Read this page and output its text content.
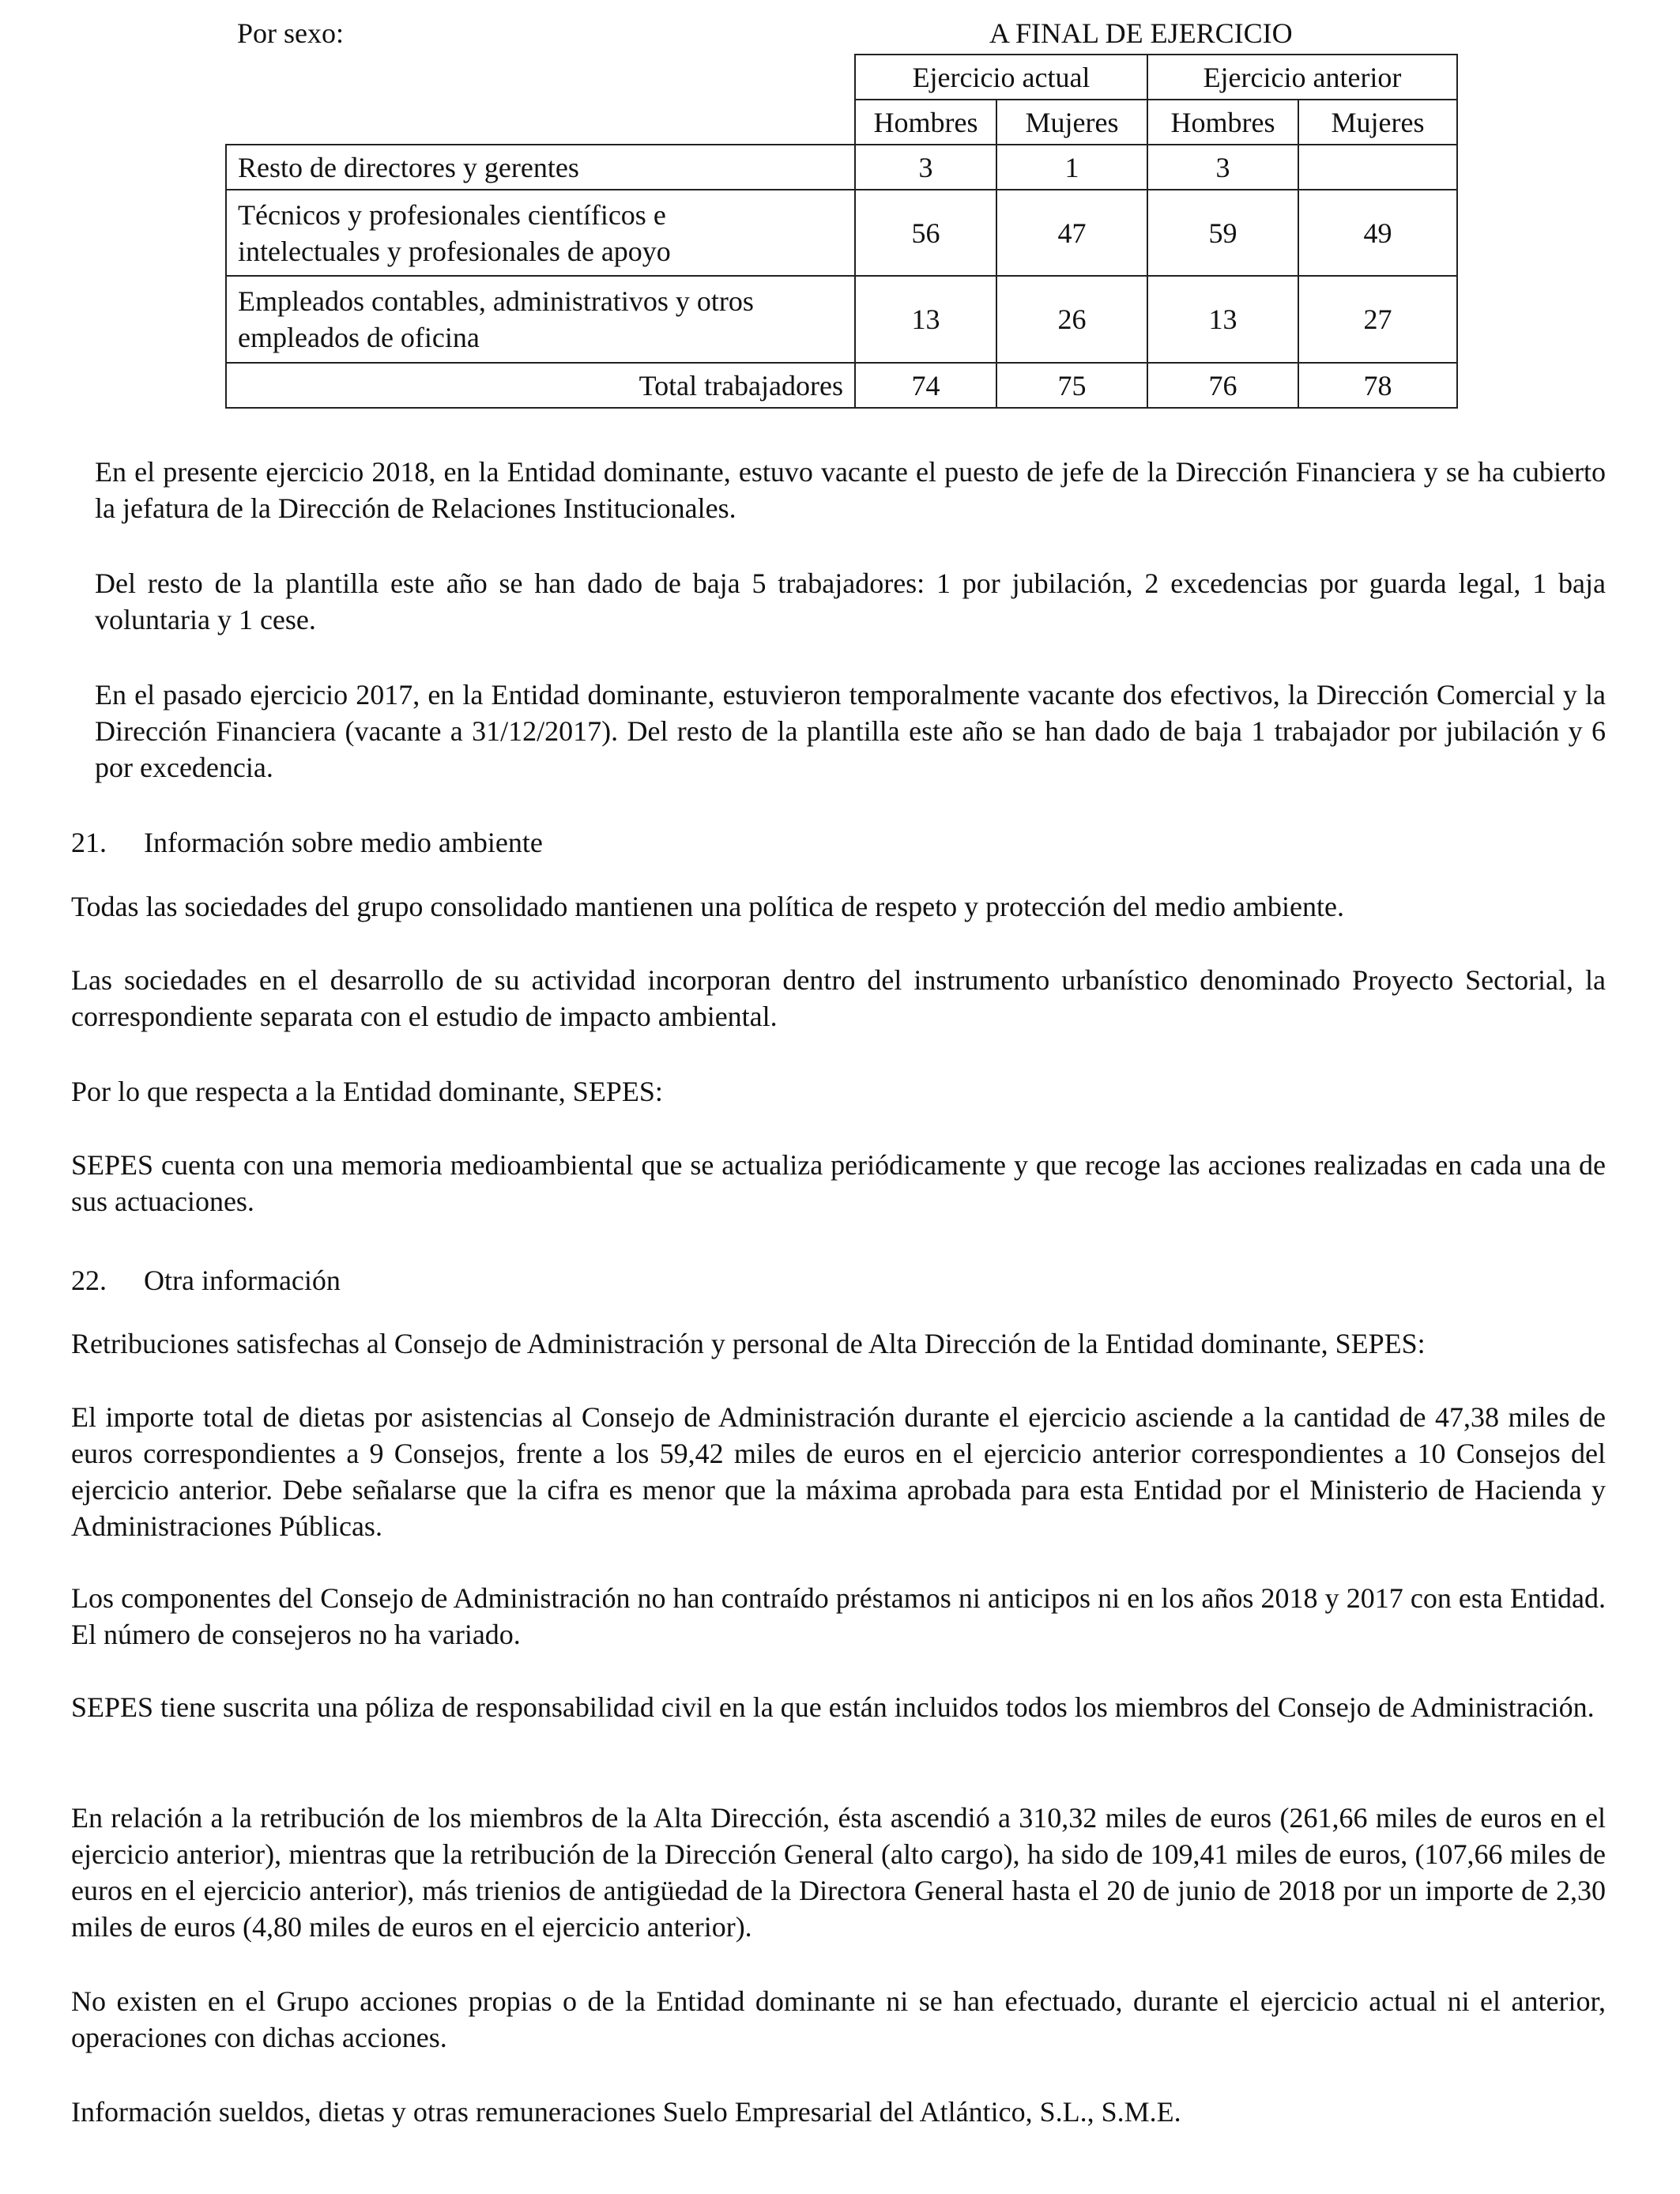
Por sexo:	A FINAL DE EJERCICIO
	Ejercicio actual		Ejercicio anterior	
	Hombres	Mujeres	Hombres	Mujeres
Resto de directores y gerentes	3	1	3	

Técnicos y profesionales científicos e
intelectuales y profesionales de apoyo	56	47	59	49

Empleados contables, administrativos y otros
empleados de oficina	13	26	13	27
Total trabajadores	74	75	76	78

En el presente ejercicio 2018, en la Entidad dominante, estuvo vacante el puesto de jefe de la Dirección Financiera y se ha cubierto la jefatura de la Dirección de Relaciones Institucionales.

Del resto de la plantilla este año se han dado de baja 5 trabajadores: 1 por jubilación, 2 excedencias por guarda legal, 1 baja voluntaria y 1 cese.

En el pasado ejercicio 2017, en la Entidad dominante, estuvieron temporalmente vacante dos efectivos, la Dirección Comercial y la Dirección Financiera (vacante a 31/12/2017). Del resto de la plantilla este año se han dado de baja 1 trabajador por jubilación y 6 por excedencia.

21. Información sobre medio ambiente

Todas las sociedades del grupo consolidado mantienen una política de respeto y protección del medio ambiente.

Las sociedades en el desarrollo de su actividad incorporan dentro del instrumento urbanístico denominado Proyecto Sectorial, la correspondiente separata con el estudio de impacto ambiental.

Por lo que respecta a la Entidad dominante, SEPES:

SEPES cuenta con una memoria medioambiental que se actualiza periódicamente y que recoge las acciones realizadas en cada una de sus actuaciones.

22. Otra información

Retribuciones satisfechas al Consejo de Administración y personal de Alta Dirección de la Entidad dominante, SEPES:

El importe total de dietas por asistencias al Consejo de Administración durante el ejercicio asciende a la cantidad de 47,38 miles de euros correspondientes a 9 Consejos, frente a los 59,42 miles de euros en el ejercicio anterior correspondientes a 10 Consejos del ejercicio anterior. Debe señalarse que la cifra es menor que la máxima aprobada para esta Entidad por el Ministerio de Hacienda y Administraciones Públicas.

Los componentes del Consejo de Administración no han contraído préstamos ni anticipos ni en los años 2018 y 2017 con esta Entidad. El número de consejeros no ha variado.

SEPES tiene suscrita una póliza de responsabilidad civil en la que están incluidos todos los miembros del Consejo de Administración.

En relación a la retribución de los miembros de la Alta Dirección, ésta ascendió a 310,32 miles de euros (261,66 miles de euros en el ejercicio anterior), mientras que la retribución de la Dirección General (alto cargo), ha sido de 109,41 miles de euros, (107,66 miles de euros en el ejercicio anterior), más trienios de antigüedad de la Directora General hasta el 20 de junio de 2018 por un importe de 2,30 miles de euros (4,80 miles de euros en el ejercicio anterior).

No existen en el Grupo acciones propias o de la Entidad dominante ni se han efectuado, durante el ejercicio actual ni el anterior, operaciones con dichas acciones.

Información sueldos, dietas y otras remuneraciones Suelo Empresarial del Atlántico, S.L., S.M.E.
